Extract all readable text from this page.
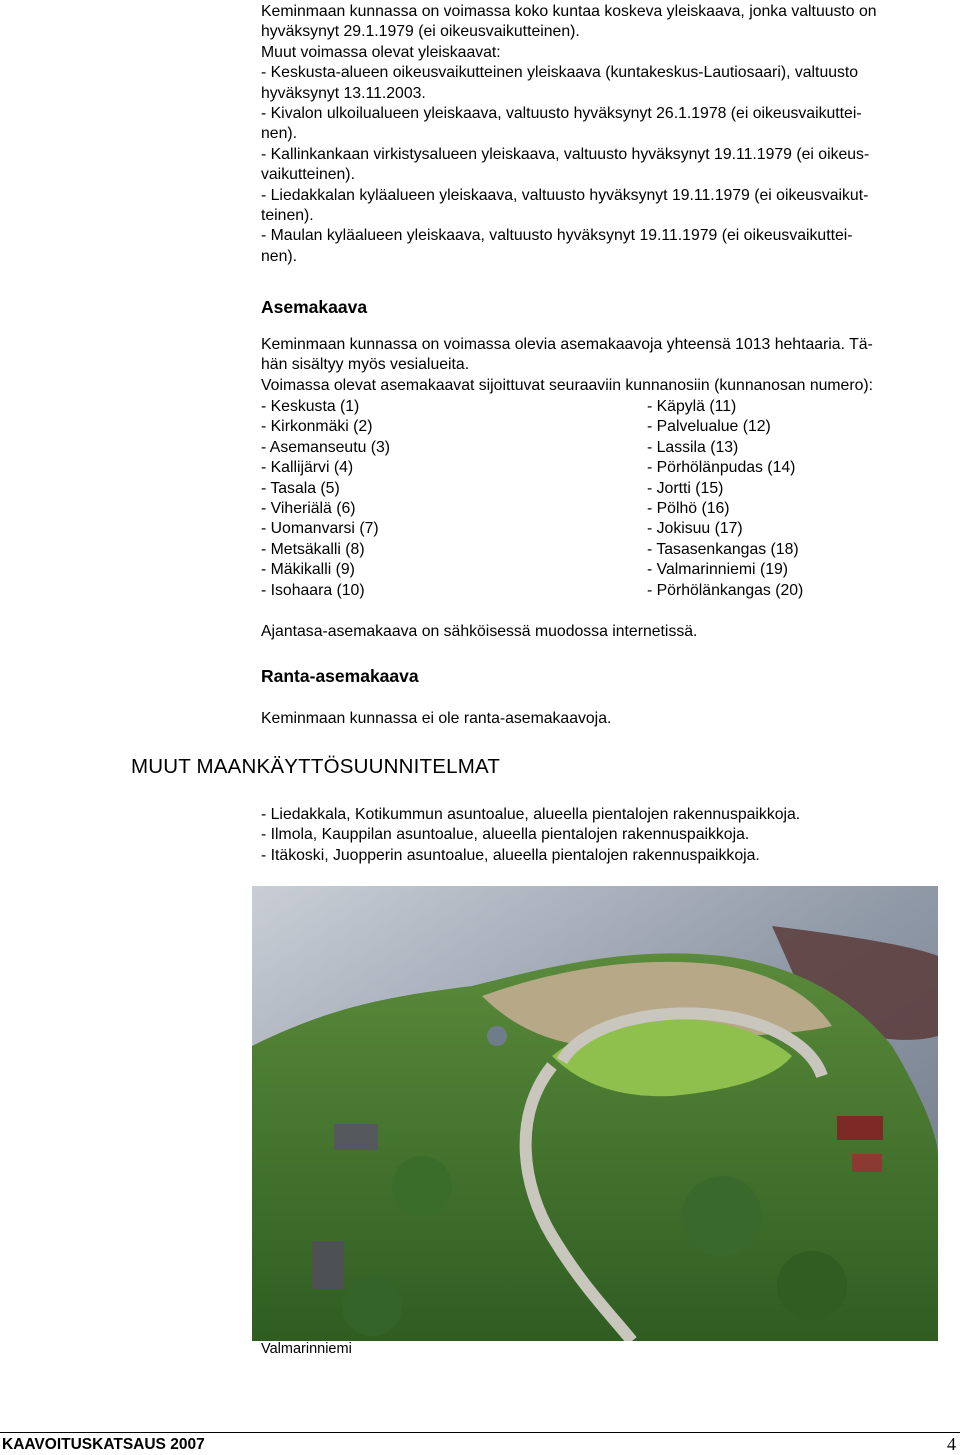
Keminmaan kunnassa on voimassa koko kuntaa koskeva yleiskaava, jonka valtuusto on
hyväksynyt 29.1.1979 (ei oikeusvaikutteinen).
Muut voimassa olevat yleiskaavat:
- Keskusta-alueen oikeusvaikutteinen yleiskaava (kuntakeskus-Lautiosaari), valtuusto
hyväksynyt 13.11.2003.
- Kivalon ulkoilualueen yleiskaava, valtuusto hyväksynyt 26.1.1978 (ei oikeusvaikuttei-
nen).
- Kallinkankaan virkistysalueen yleiskaava, valtuusto hyväksynyt 19.11.1979 (ei oikeus-
vaikutteinen).
- Liedakkalan kyläalueen yleiskaava, valtuusto hyväksynyt 19.11.1979 (ei oikeusvaikut-
teinen).
- Maulan kyläalueen yleiskaava, valtuusto hyväksynyt 19.11.1979 (ei oikeusvaikuttei-
nen).
Asemakaava
Keminmaan kunnassa on voimassa olevia asemakaavoja yhteensä 1013 hehtaaria. Tä-
hän sisältyy myös vesialueita.
Voimassa olevat asemakaavat sijoittuvat seuraaviin kunnanosiin (kunnanosan numero):
- Keskusta (1)
- Kirkonmäki (2)
- Asemanseutu (3)
- Kallijärvi (4)
- Tasala (5)
- Viheriälä (6)
- Uomanvarsi (7)
- Metsäkalli (8)
- Mäkikalli (9)
- Isohaara (10)
- Käpylä (11)
- Palvelualue (12)
- Lassila (13)
- Pörhölänpudas (14)
- Jortti (15)
- Pölhö (16)
- Jokisuu (17)
- Tasasenkangas (18)
- Valmarinniemi (19)
- Pörhölänkangas (20)
Ajantasa-asemakaava on sähköisessä muodossa internetissä.
Ranta-asemakaava
Keminmaan kunnassa ei ole ranta-asemakaavoja.
MUUT MAANKÄYTTÖSUUNNITELMAT
- Liedakkala, Kotikummun asuntoalue, alueella pientalojen rakennuspaikkoja.
- Ilmola, Kauppilan asuntoalue, alueella pientalojen rakennuspaikkoja.
- Itäkoski, Juopperin asuntoalue, alueella pientalojen rakennuspaikkoja.
Valmarinniemi
KAAVOITUSKATSAUS 2007	4
